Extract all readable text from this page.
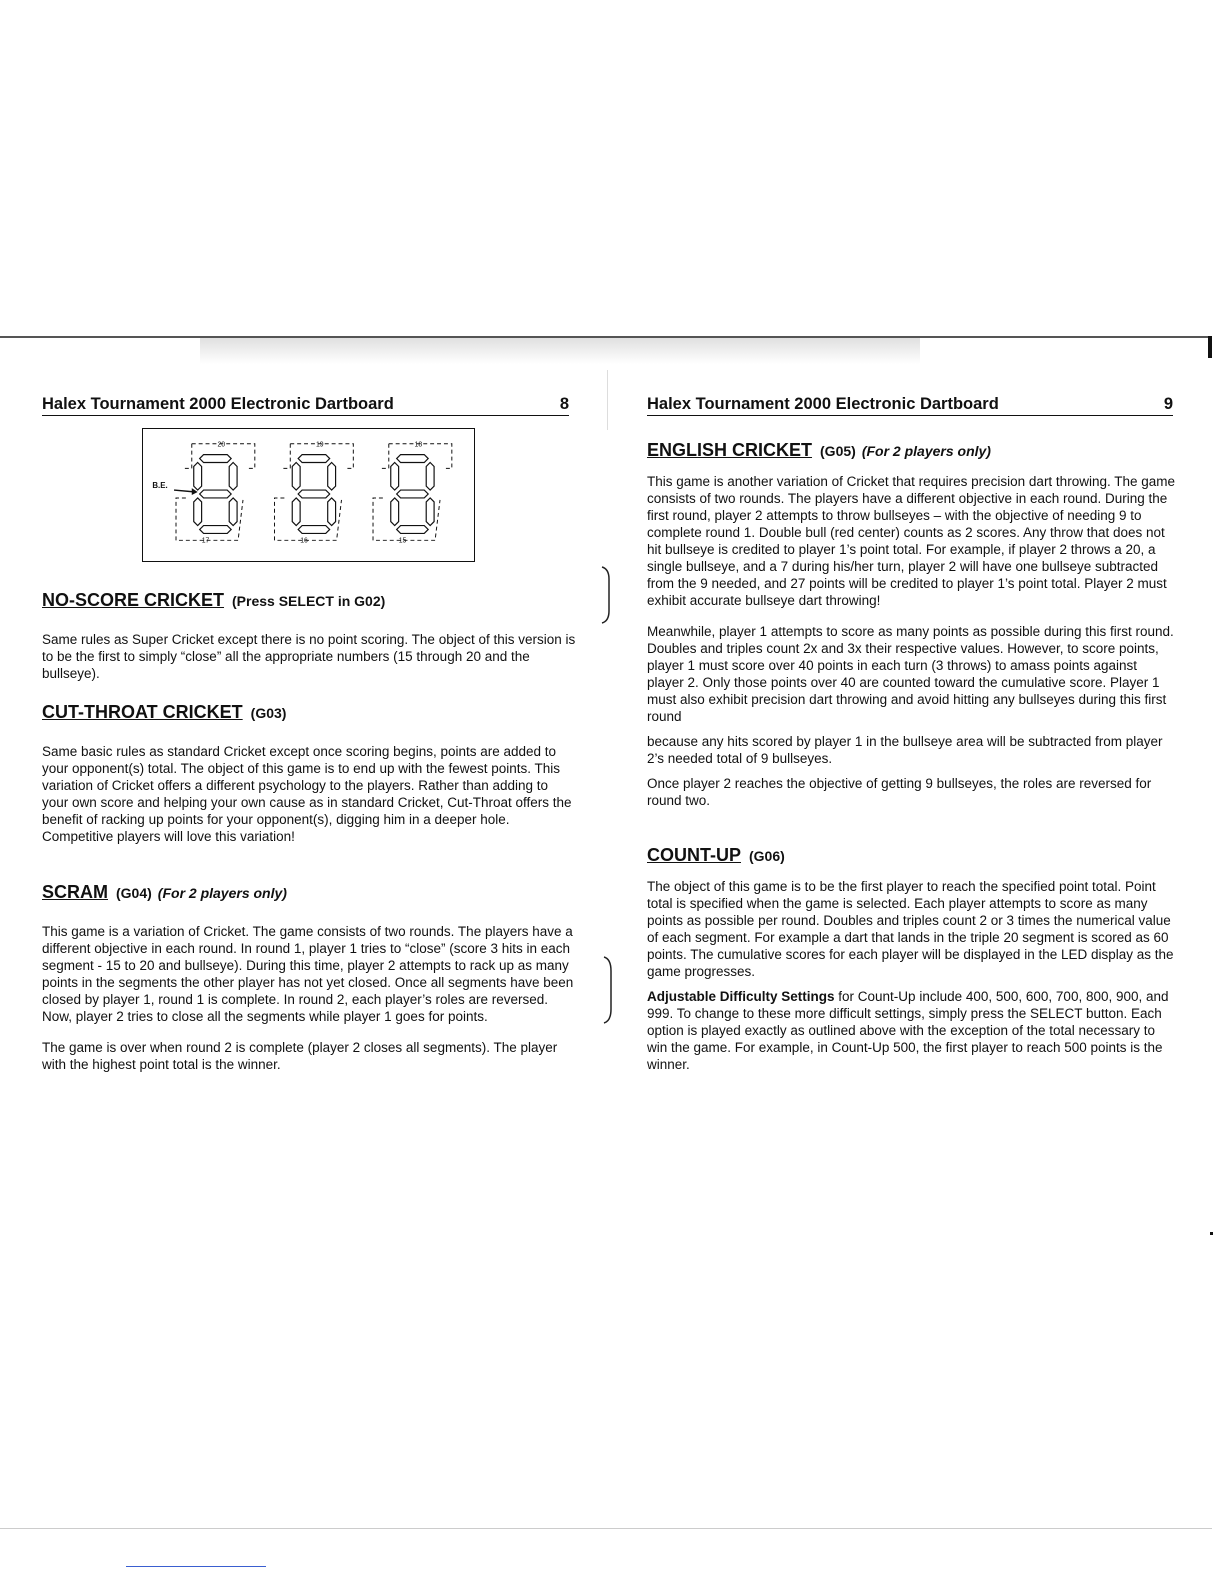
Halex Tournament 2000 Electronic Dartboard	8
20	19	18
17	16	15
B.E.
NO-SCORE CRICKET (Press SELECT in G02)

Same rules as Super Cricket except there is no point scoring. The object of this version is to be the first to simply “close” all the appropriate numbers (15 through 20 and the bullseye).

CUT-THROAT CRICKET (G03)

Same basic rules as standard Cricket except once scoring begins, points are added to your opponent(s) total. The object of this game is to end up with the fewest points. This variation of Cricket offers a different psychology to the players. Rather than adding to your own score and helping your own cause as in standard Cricket, Cut-Throat offers the benefit of racking up points for your opponent(s), digging him in a deeper hole. Competitive players will love this variation!

SCRAM (G04) (For 2 players only)

This game is a variation of Cricket. The game consists of two rounds. The players have a different objective in each round. In round 1, player 1 tries to “close” (score 3 hits in each segment - 15 to 20 and bullseye). During this time, player 2 attempts to rack up as many points in the segments the other player has not yet closed. Once all segments have been closed by player 1, round 1 is complete. In round 2, each player’s roles are reversed. Now, player 2 tries to close all the segments while player 1 goes for points.

The game is over when round 2 is complete (player 2 closes all segments). The player with the highest point total is the winner.

Halex Tournament 2000 Electronic Dartboard	9
ENGLISH CRICKET (G05) (For 2 players only)

This game is another variation of Cricket that requires precision dart throwing. The game consists of two rounds. The players have a different objective in each round. During the first round, player 2 attempts to throw bullseyes – with the objective of needing 9 to complete round 1. Double bull (red center) counts as 2 scores. Any throw that does not hit bullseye is credited to player 1’s point total. For example, if player 2 throws a 20, a single bullseye, and a 7 during his/her turn, player 2 will have one bullseye subtracted from the 9 needed, and 27 points will be credited to player 1’s point total. Player 2 must exhibit accurate bullseye dart throwing!

Meanwhile, player 1 attempts to score as many points as possible during this first round. Doubles and triples count 2x and 3x their respective values. However, to score points, player 1 must score over 40 points in each turn (3 throws) to amass points against player 2. Only those points over 40 are counted toward the cumulative score. Player 1 must also exhibit precision dart throwing and avoid hitting any bullseyes during this first round

because any hits scored by player 1 in the bullseye area will be subtracted from player 2’s needed total of 9 bullseyes.

Once player 2 reaches the objective of getting 9 bullseyes, the roles are reversed for round two.

COUNT-UP (G06)

The object of this game is to be the first player to reach the specified point total. Point total is specified when the game is selected. Each player attempts to score as many points as possible per round. Doubles and triples count 2 or 3 times the numerical value of each segment. For example a dart that lands in the triple 20 segment is scored as 60 points. The cumulative scores for each player will be displayed in the LED display as the game progresses.

Adjustable Difficulty Settings for Count-Up include 400, 500, 600, 700, 800, 900, and 999. To change to these more difficult settings, simply press the SELECT button. Each option is played exactly as outlined above with the exception of the total necessary to win the game. For example, in Count-Up 500, the first player to reach 500 points is the winner.
